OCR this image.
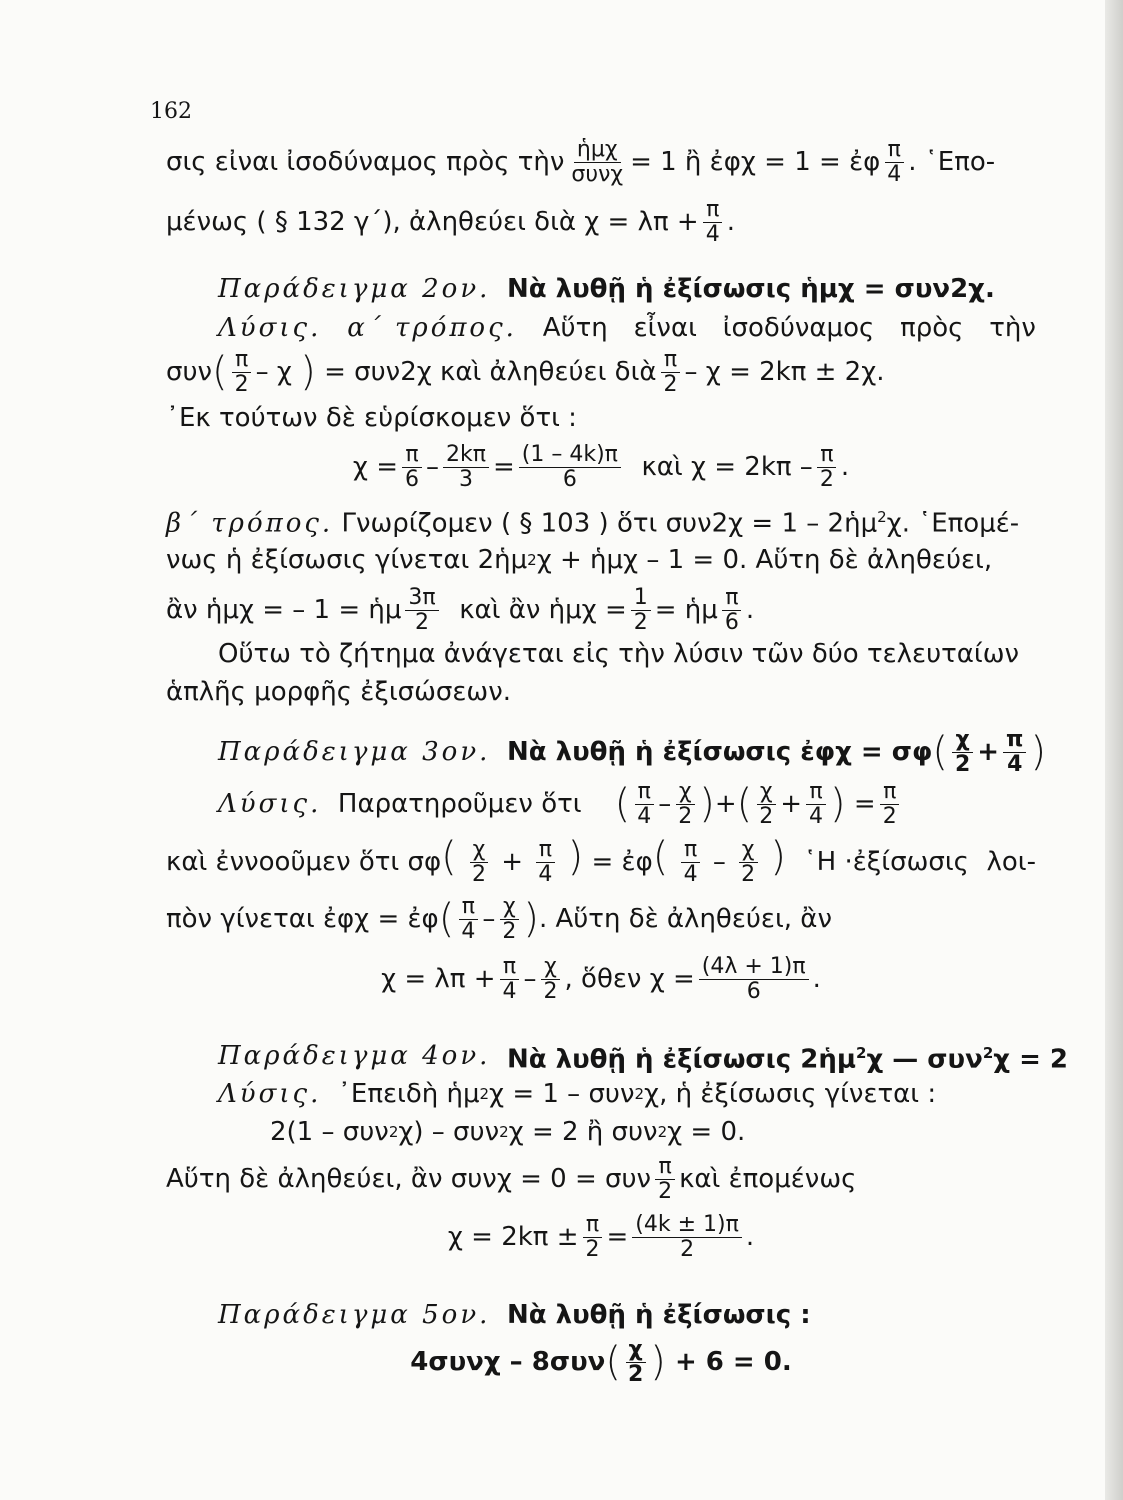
162
σις εἰναι ἰσοδύναμος πρὸς τὴν $\frac{\text{ἡμχ}}{\text{συνχ}} = 1$ ἢ ἐφχ = 1 = ἐφ $\frac{\pi}{4}$ . ῾Επο-
μένως ( § 132 γ΄), ἀληθεύει διὰ $\chi = \lambda\pi + \frac{\pi}{4}$ .
Παράδειγμα 2ον.
Νὰ λυθῇ ἡ ἐξίσωσις ἡμχ = συν2χ.
Λύσις. α΄ τρόπος. Αὕτη εἶναι ἰσοδύναμος πρὸς τὴν
συν ( $\frac{\pi}{2}$ – χ
)
= συν2χ καὶ ἀληθεύει διὰ $\frac{\pi}{2} - \chi = 2k\pi \pm 2\chi$.
᾿Εκ τούτων δὲ εὑρίσκομεν ὅτι :
$\chi = \frac{\pi}{6} - \frac{2k\pi}{3} = \frac{(1 - 4k)\pi}{6}$
καὶ $\chi = 2k\pi - \frac{\pi}{2}$ .
β΄ τρόπος. Γνωρίζομεν ( § 103 ) ὅτι συν2χ = 1 – 2ἡμ$^2$χ. ῾Επομέ-
νως ἡ ἐξίσωσις γίνεται 2ἡμ 2 χ + ἡμχ – 1 = 0. Αὕτη δὲ ἀληθεύει,
ἂν ἡμχ = – 1 = ἡμ $\frac{3\pi}{2}$
καὶ ἂν ἡμχ = $\frac{1}{2}$ = ἡμ $\frac{\pi}{6}$ .
Οὕτω τὸ ζήτημα ἀνάγεται εἰς τὴν λύσιν τῶν δύο τελευταίων
ἁπλῆς μορφῆς ἐξισώσεων.
Παράδειγμα 3ον.
Νὰ λυθῇ ἡ ἐξίσωσις ἐφχ = σφ ( $\frac{\chi}{2} + \frac{\pi}{4}$ )
Λύσις.
Παρατηροῦμεν ὅτι
( $\frac{\pi}{4} - \frac{\chi}{2}$ ) + ( $\frac{\chi}{2} + \frac{\pi}{4}$ )
= $\frac{\pi}{2}$
καὶ ἐννοοῦμεν ὅτι $\sigma\varphi( \frac{\chi}{2} + \frac{\pi}{4}$ ) = ἐφ( $\frac{\pi}{4} - \frac{\chi}{2}$ ) ῾Η ·ἐξίσωσις λοι-
πὸν γίνεται ἐφχ = ἐφ ( $\frac{\pi}{4} - \frac{\chi}{2}$ ) . Αὕτη δὲ ἀληθεύει, ἂν
$\chi = \lambda\pi + \frac{\pi}{4} - \frac{\chi}{2}$ , ὅθεν $\chi = \frac{(4\lambda + 1)\pi}{6}$ .
Παράδειγμα 4ον.
Νὰ λυθῇ ἡ ἐξίσωσις 2ἡμ$^2$χ — συν$^2$χ = 2
Λύσις.
᾿Επειδὴ ἡμ 2 χ = 1 – συν 2 χ, ἡ ἐξίσωσις γίνεται :
2(1 – συν 2 χ) – συν 2 χ = 2 ἢ συν 2 χ = 0.
Αὕτη δὲ ἀληθεύει, ἂν συνχ = 0 = συν $\frac{\pi}{2}$ καὶ ἐπομένως
$\chi = 2k\pi \pm \frac{\pi}{2} = \frac{(4k \pm 1)\pi}{2}$ .
Παράδειγμα 5ον.
Νὰ λυθῇ ἡ ἐξίσωσις :
4συνχ – 8συν ( $\frac{\chi}{2}$ )
+ 6 = 0.
